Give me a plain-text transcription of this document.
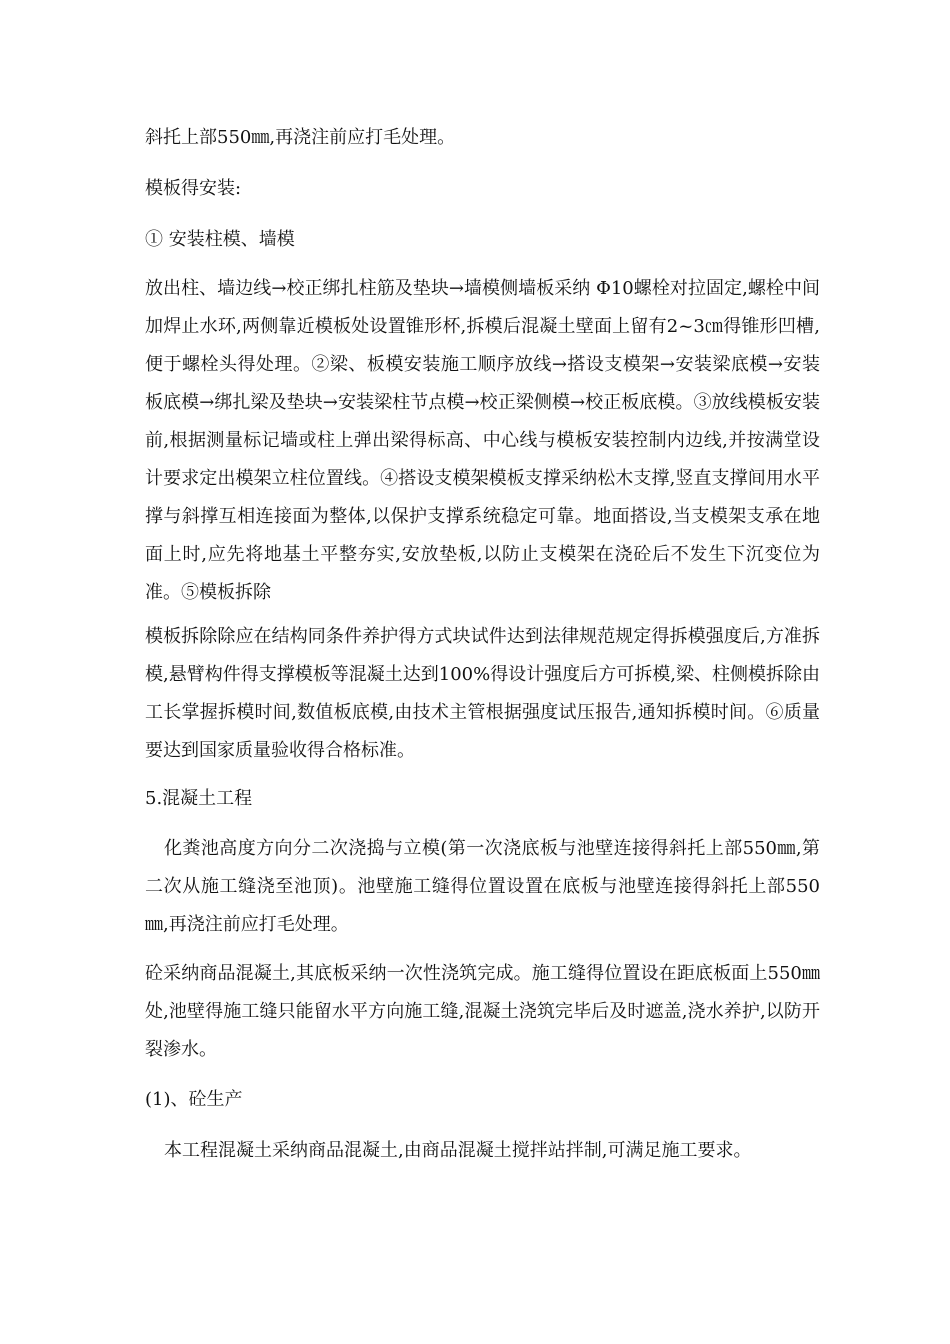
斜托上部550㎜,再浇注前应打毛处理。

模板得安装:

① 安装柱模、墙模

放出柱、墙边线→校正绑扎柱筋及垫块→墙模侧墙板采纳 Φ10螺栓对拉固定,螺栓中间加焊止水环,两侧靠近模板处设置锥形杯,拆模后混凝土壁面上留有2~3㎝得锥形凹槽,便于螺栓头得处理。②梁、板模安装施工顺序放线→搭设支模架→安装梁底模→安装板底模→绑扎梁及垫块→安装梁柱节点模→校正梁侧模→校正板底模。③放线模板安装前,根据测量标记墙或柱上弹出梁得标高、中心线与模板安装控制内边线,并按满堂设计要求定出模架立柱位置线。④搭设支模架模板支撑采纳松木支撑,竖直支撑间用水平撑与斜撑互相连接面为整体,以保护支撑系统稳定可靠。地面搭设,当支模架支承在地面上时,应先将地基土平整夯实,安放垫板,以防止支模架在浇砼后不发生下沉变位为准。⑤模板拆除

模板拆除除应在结构同条件养护得方式块试件达到法律规范规定得拆模强度后,方准拆模,悬臂构件得支撑模板等混凝土达到100%得设计强度后方可拆模,梁、柱侧模拆除由工长掌握拆模时间,数值板底模,由技术主管根据强度试压报告,通知拆模时间。⑥质量要达到国家质量验收得合格标准。

5.混凝土工程

化粪池高度方向分二次浇捣与立模(第一次浇底板与池壁连接得斜托上部550㎜,第二次从施工缝浇至池顶)。池壁施工缝得位置设置在底板与池壁连接得斜托上部550㎜,再浇注前应打毛处理。

砼采纳商品混凝土,其底板采纳一次性浇筑完成。施工缝得位置设在距底板面上550㎜处,池壁得施工缝只能留水平方向施工缝,混凝土浇筑完毕后及时遮盖,浇水养护,以防开裂渗水。

(1)、砼生产

本工程混凝土采纳商品混凝土,由商品混凝土搅拌站拌制,可满足施工要求。
